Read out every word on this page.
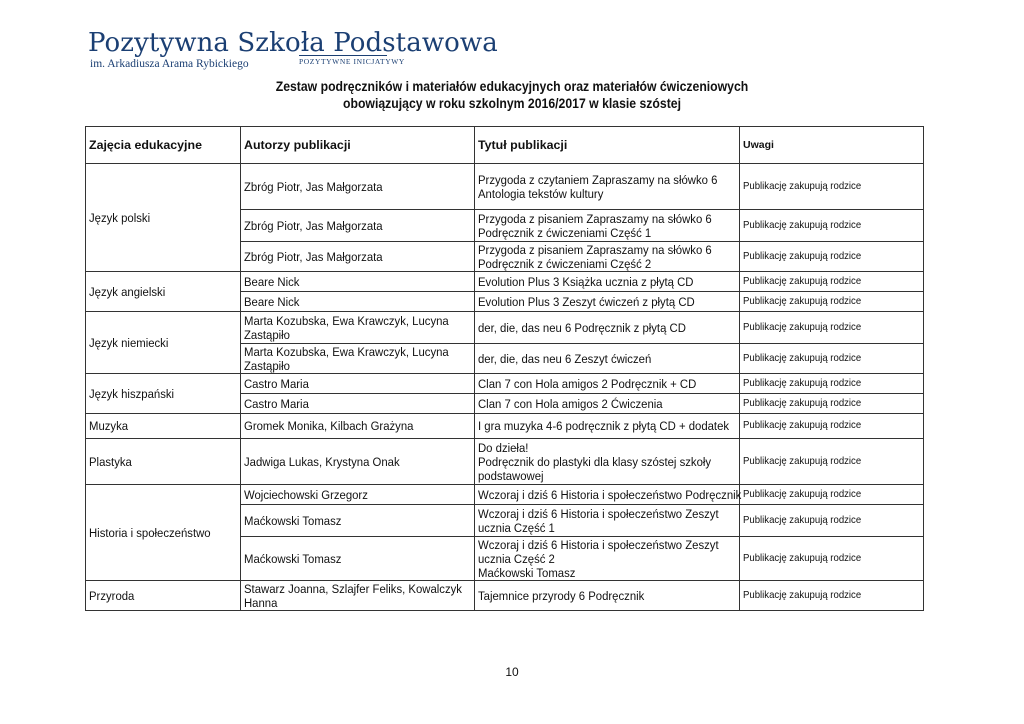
Pozytywna Szkoła Podstawowa
im. Arkadiusza Arama Rybickiego	POZYTYWNE INICJATYWY
Zestaw podręczników i materiałów edukacyjnych oraz materiałów ćwiczeniowych
obowiązujący w roku szkolnym 2016/2017 w klasie szóstej
Zajęcia edukacyjne	Autorzy publikacji	Tytuł publikacji	Uwagi

Język polski	Zbróg Piotr, Jas Małgorzata	Przygoda z czytaniem Zapraszamy na słówko 6
Antologia tekstów kultury	Publikację zakupują rodzice

	Zbróg Piotr, Jas Małgorzata	Przygoda z pisaniem Zapraszamy na słówko 6
Podręcznik z ćwiczeniami Część 1	Publikację zakupują rodzice

	Zbróg Piotr, Jas Małgorzata	Przygoda z pisaniem Zapraszamy na słówko 6
Podręcznik z ćwiczeniami Część 2	Publikację zakupują rodzice

Język angielski	Beare Nick	Evolution Plus 3 Książka ucznia z płytą CD	Publikację zakupują rodzice

	Beare Nick	Evolution Plus 3 Zeszyt ćwiczeń z płytą CD	Publikację zakupują rodzice

Język niemiecki	Marta Kozubska, Ewa Krawczyk, Lucyna Zastąpiło	der, die, das neu 6 Podręcznik z płytą CD	Publikację zakupują rodzice

	Marta Kozubska, Ewa Krawczyk, Lucyna Zastąpiło	der, die, das neu 6 Zeszyt ćwiczeń	Publikację zakupują rodzice

Język hiszpański	Castro Maria	Clan 7 con Hola amigos 2 Podręcznik + CD	Publikację zakupują rodzice

	Castro Maria	Clan 7 con Hola amigos 2 Ćwiczenia	Publikację zakupują rodzice

Muzyka	Gromek Monika, Kilbach Grażyna	I gra muzyka 4-6 podręcznik z płytą CD + dodatek	Publikację zakupują rodzice

Plastyka	Jadwiga Lukas, Krystyna Onak	Do dzieła!
Podręcznik do plastyki dla klasy szóstej szkoły
podstawowej	Publikację zakupują rodzice

Historia i społeczeństwo	Wojciechowski Grzegorz	Wczoraj i dziś 6 Historia i społeczeństwo Podręcznik	Publikację zakupują rodzice

	Maćkowski Tomasz	Wczoraj i dziś 6 Historia i społeczeństwo Zeszyt
ucznia Część 1	Publikację zakupują rodzice

	Maćkowski Tomasz	Wczoraj i dziś 6 Historia i społeczeństwo Zeszyt
ucznia Część 2
Maćkowski Tomasz	Publikację zakupują rodzice

Przyroda	Stawarz Joanna, Szlajfer Feliks, Kowalczyk Hanna	Tajemnice przyrody 6 Podręcznik	Publikację zakupują rodzice
10
